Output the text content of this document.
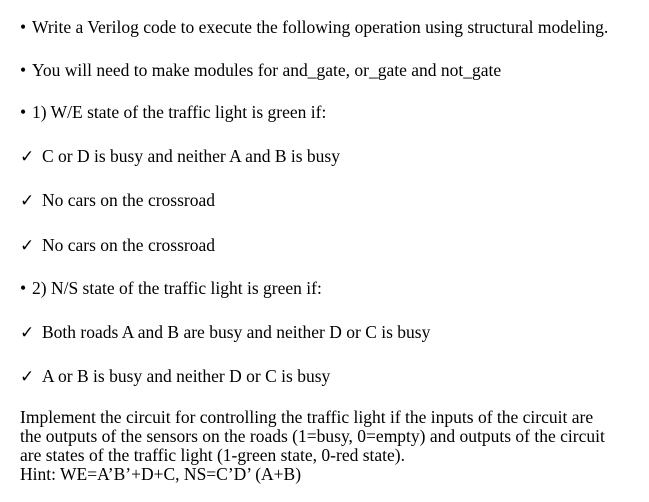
• Write a Verilog code to execute the following operation using structural modeling.
• You will need to make modules for and_gate, or_gate and not_gate
• 1) W/E state of the traffic light is green if:
✓ C or D is busy and neither A and B is busy
✓ No cars on the crossroad
✓ No cars on the crossroad
• 2) N/S state of the traffic light is green if:
✓ Both roads A and B are busy and neither D or C is busy
✓ A or B is busy and neither D or C is busy
Implement the circuit for controlling the traffic light if the inputs of the circuit are
the outputs of the sensors on the roads (1=busy, 0=empty) and outputs of the circuit
are states of the traffic light (1-green state, 0-red state).
Hint: WE=A’B’+D+C, NS=C’D’ (A+B)
